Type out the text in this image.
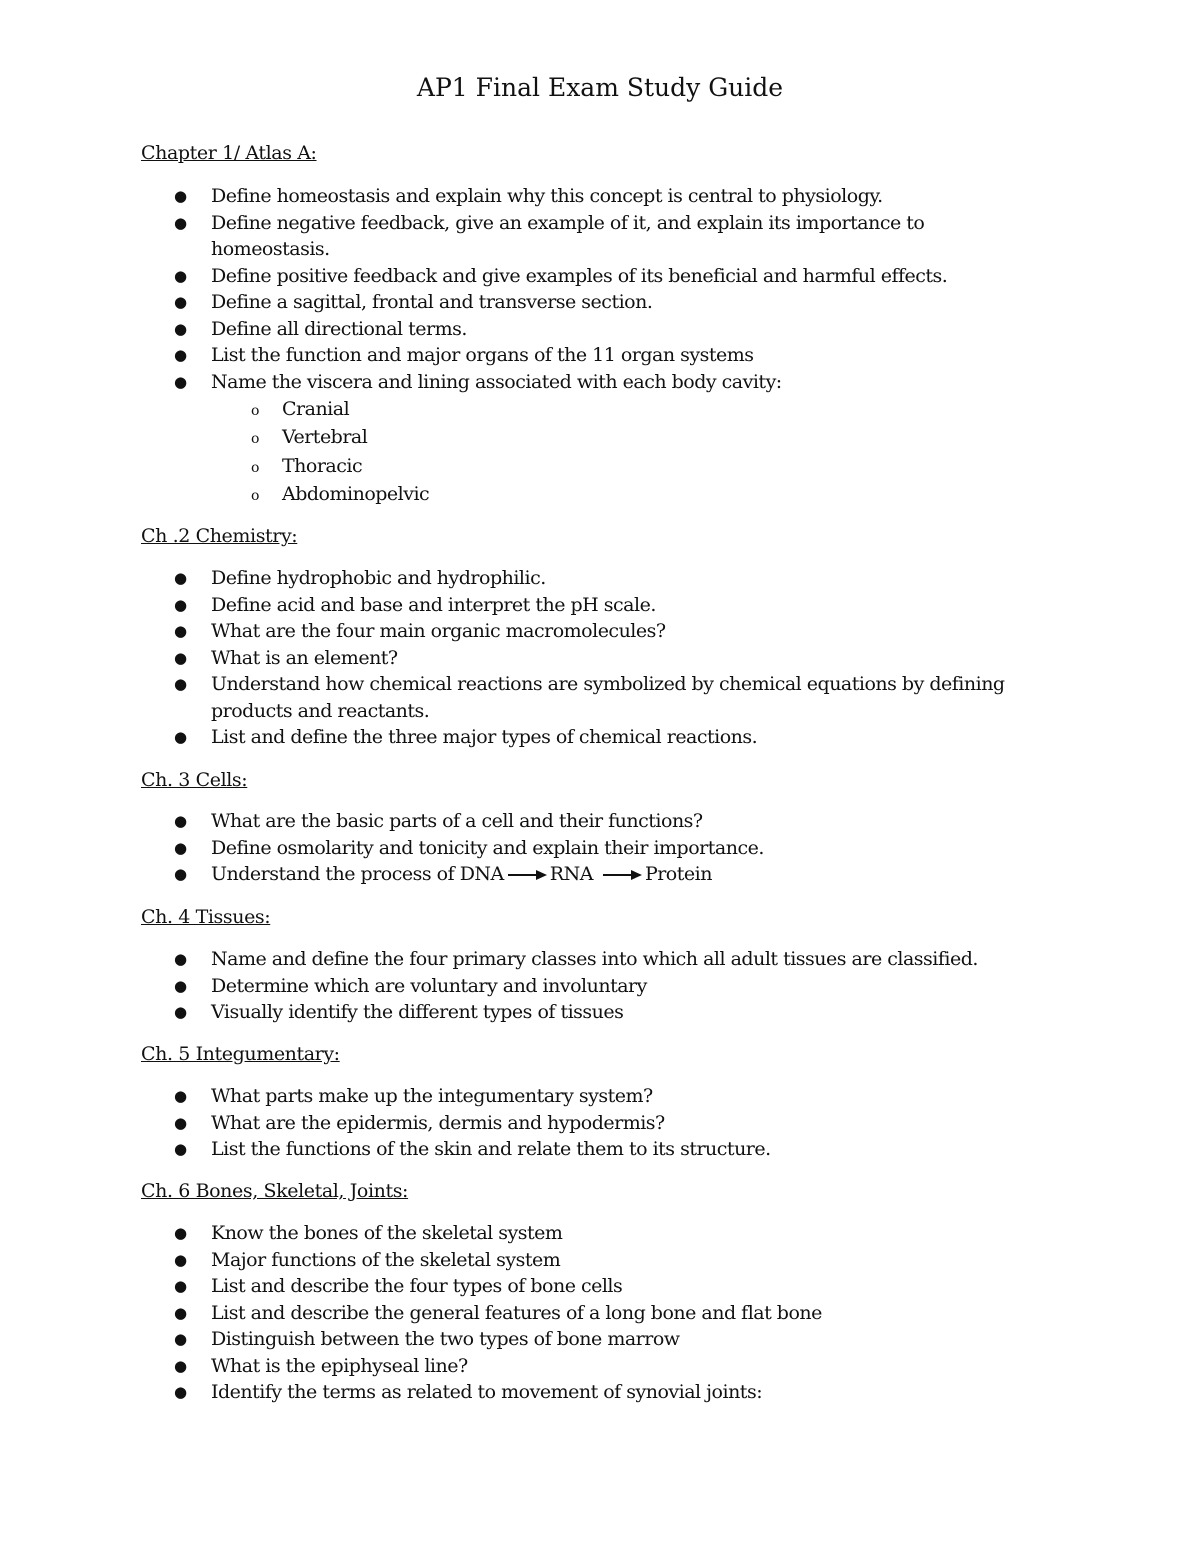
AP1 Final Exam Study Guide
Chapter 1/ Atlas A:
● Define homeostasis and explain why this concept is central to physiology.
● Define negative feedback, give an example of it, and explain its importance to homeostasis.
● Define positive feedback and give examples of its beneficial and harmful effects.
● Define a sagittal, frontal and transverse section.
● Define all directional terms.
● List the function and major organs of the 11 organ systems
● Name the viscera and lining associated with each body cavity:
o Cranial
o Vertebral
o Thoracic
o Abdominopelvic
Ch .2 Chemistry:
● Define hydrophobic and hydrophilic.
● Define acid and base and interpret the pH scale.
● What are the four main organic macromolecules?
● What is an element?
● Understand how chemical reactions are symbolized by chemical equations by defining products and reactants.
● List and define the three major types of chemical reactions.
Ch. 3 Cells:
● What are the basic parts of a cell and their functions?
● Define osmolarity and tonicity and explain their importance.
● Understand the process of DNA RNA	Protein
Ch. 4 Tissues:
● Name and define the four primary classes into which all adult tissues are classified.
● Determine which are voluntary and involuntary
● Visually identify the different types of tissues
Ch. 5 Integumentary:
● What parts make up the integumentary system?
● What are the epidermis, dermis and hypodermis?
● List the functions of the skin and relate them to its structure.
Ch. 6 Bones, Skeletal, Joints:
● Know the bones of the skeletal system
● Major functions of the skeletal system
● List and describe the four types of bone cells
● List and describe the general features of a long bone and flat bone
● Distinguish between the two types of bone marrow
● What is the epiphyseal line?
● Identify the terms as related to movement of synovial joints:
